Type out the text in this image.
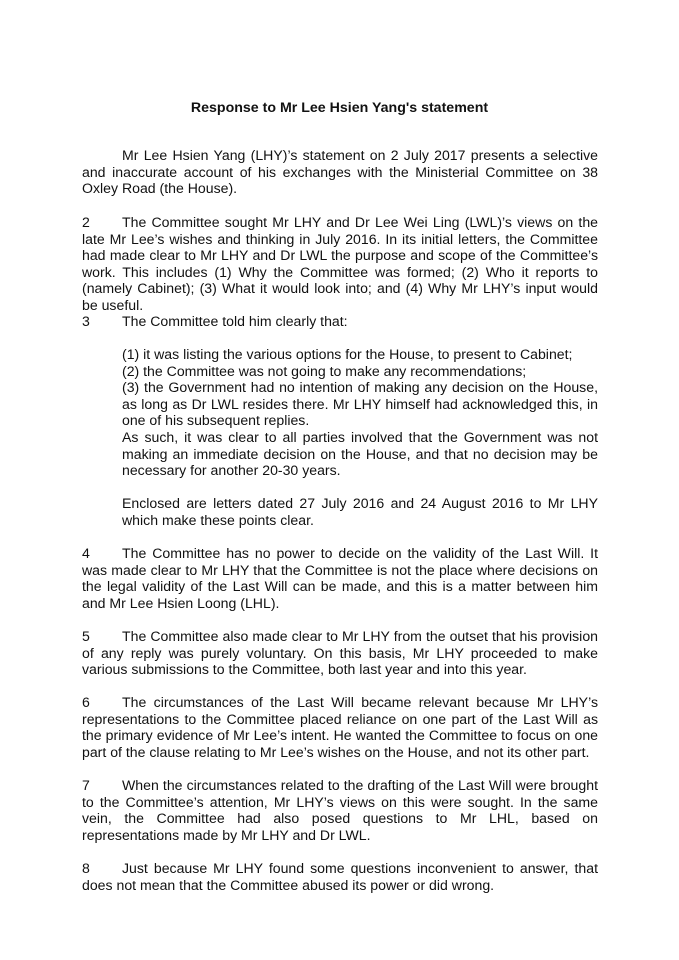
Response to Mr Lee Hsien Yang's statement

Mr Lee Hsien Yang (LHY)’s statement on 2 July 2017 presents a selective and inaccurate account of his exchanges with the Ministerial Committee on 38 Oxley Road (the House).

2 The Committee sought Mr LHY and Dr Lee Wei Ling (LWL)’s views on the late Mr Lee’s wishes and thinking in July 2016. In its initial letters, the Committee had made clear to Mr LHY and Dr LWL the purpose and scope of the Committee’s work. This includes (1) Why the Committee was formed; (2) Who it reports to (namely Cabinet); (3) What it would look into; and (4) Why Mr LHY’s input would be useful.

3 The Committee told him clearly that:

(1) it was listing the various options for the House, to present to Cabinet;
(2) the Committee was not going to make any recommendations;
(3) the Government had no intention of making any decision on the House, as long as Dr LWL resides there. Mr LHY himself had acknowledged this, in one of his subsequent replies.

As such, it was clear to all parties involved that the Government was not making an immediate decision on the House, and that no decision may be necessary for another 20-30 years.

Enclosed are letters dated 27 July 2016 and 24 August 2016 to Mr LHY which make these points clear.

4 The Committee has no power to decide on the validity of the Last Will. It was made clear to Mr LHY that the Committee is not the place where decisions on the legal validity of the Last Will can be made, and this is a matter between him and Mr Lee Hsien Loong (LHL).

5 The Committee also made clear to Mr LHY from the outset that his provision of any reply was purely voluntary. On this basis, Mr LHY proceeded to make various submissions to the Committee, both last year and into this year.

6 The circumstances of the Last Will became relevant because Mr LHY’s representations to the Committee placed reliance on one part of the Last Will as the primary evidence of Mr Lee’s intent. He wanted the Committee to focus on one part of the clause relating to Mr Lee’s wishes on the House, and not its other part.

7 When the circumstances related to the drafting of the Last Will were brought to the Committee’s attention, Mr LHY’s views on this were sought. In the same vein, the Committee had also posed questions to Mr LHL, based on representations made by Mr LHY and Dr LWL.

8 Just because Mr LHY found some questions inconvenient to answer, that does not mean that the Committee abused its power or did wrong.
